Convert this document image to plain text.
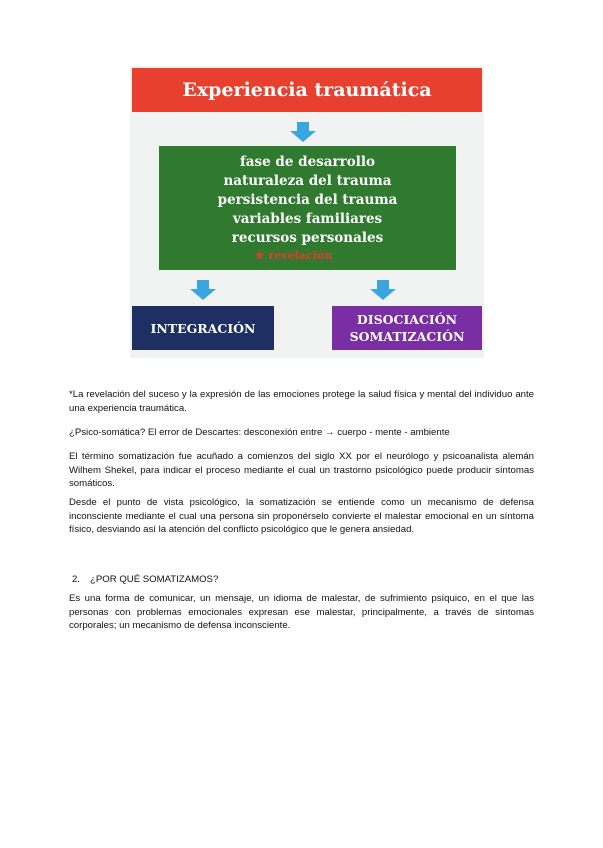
Experiencia traumática
fase de desarrollo
naturaleza del trauma
persistencia del trauma
variables familiares
recursos personales
★ revelación
INTEGRACIÓN
DISOCIACIÓN
SOMATIZACIÓN
*La revelación del suceso y la expresión de las emociones protege la salud física y mental del individuo ante una experiencia traumática.
¿Psico-somática? El error de Descartes: desconexión entre → cuerpo - mente - ambiente
El término somatización fue acuñado a comienzos del siglo XX por el neurólogo y psicoanalista alemán Wilhem Shekel, para indicar el proceso mediante el cual un trastorno psicológico puede producir síntomas somáticos.
Desde el punto de vista psicológico, la somatización se entiende como un mecanismo de defensa inconsciente mediante el cual una persona sin proponérselo convierte el malestar emocional en un síntoma físico, desviando así la atención del conflicto psicológico que le genera ansiedad.
2. ¿POR QUÉ SOMATIZAMOS?
Es una forma de comunicar, un mensaje, un idioma de malestar, de sufrimiento psíquico, en el que las personas con problemas emocionales expresan ese malestar, principalmente, a través de síntomas corporales; un mecanismo de defensa inconsciente.
